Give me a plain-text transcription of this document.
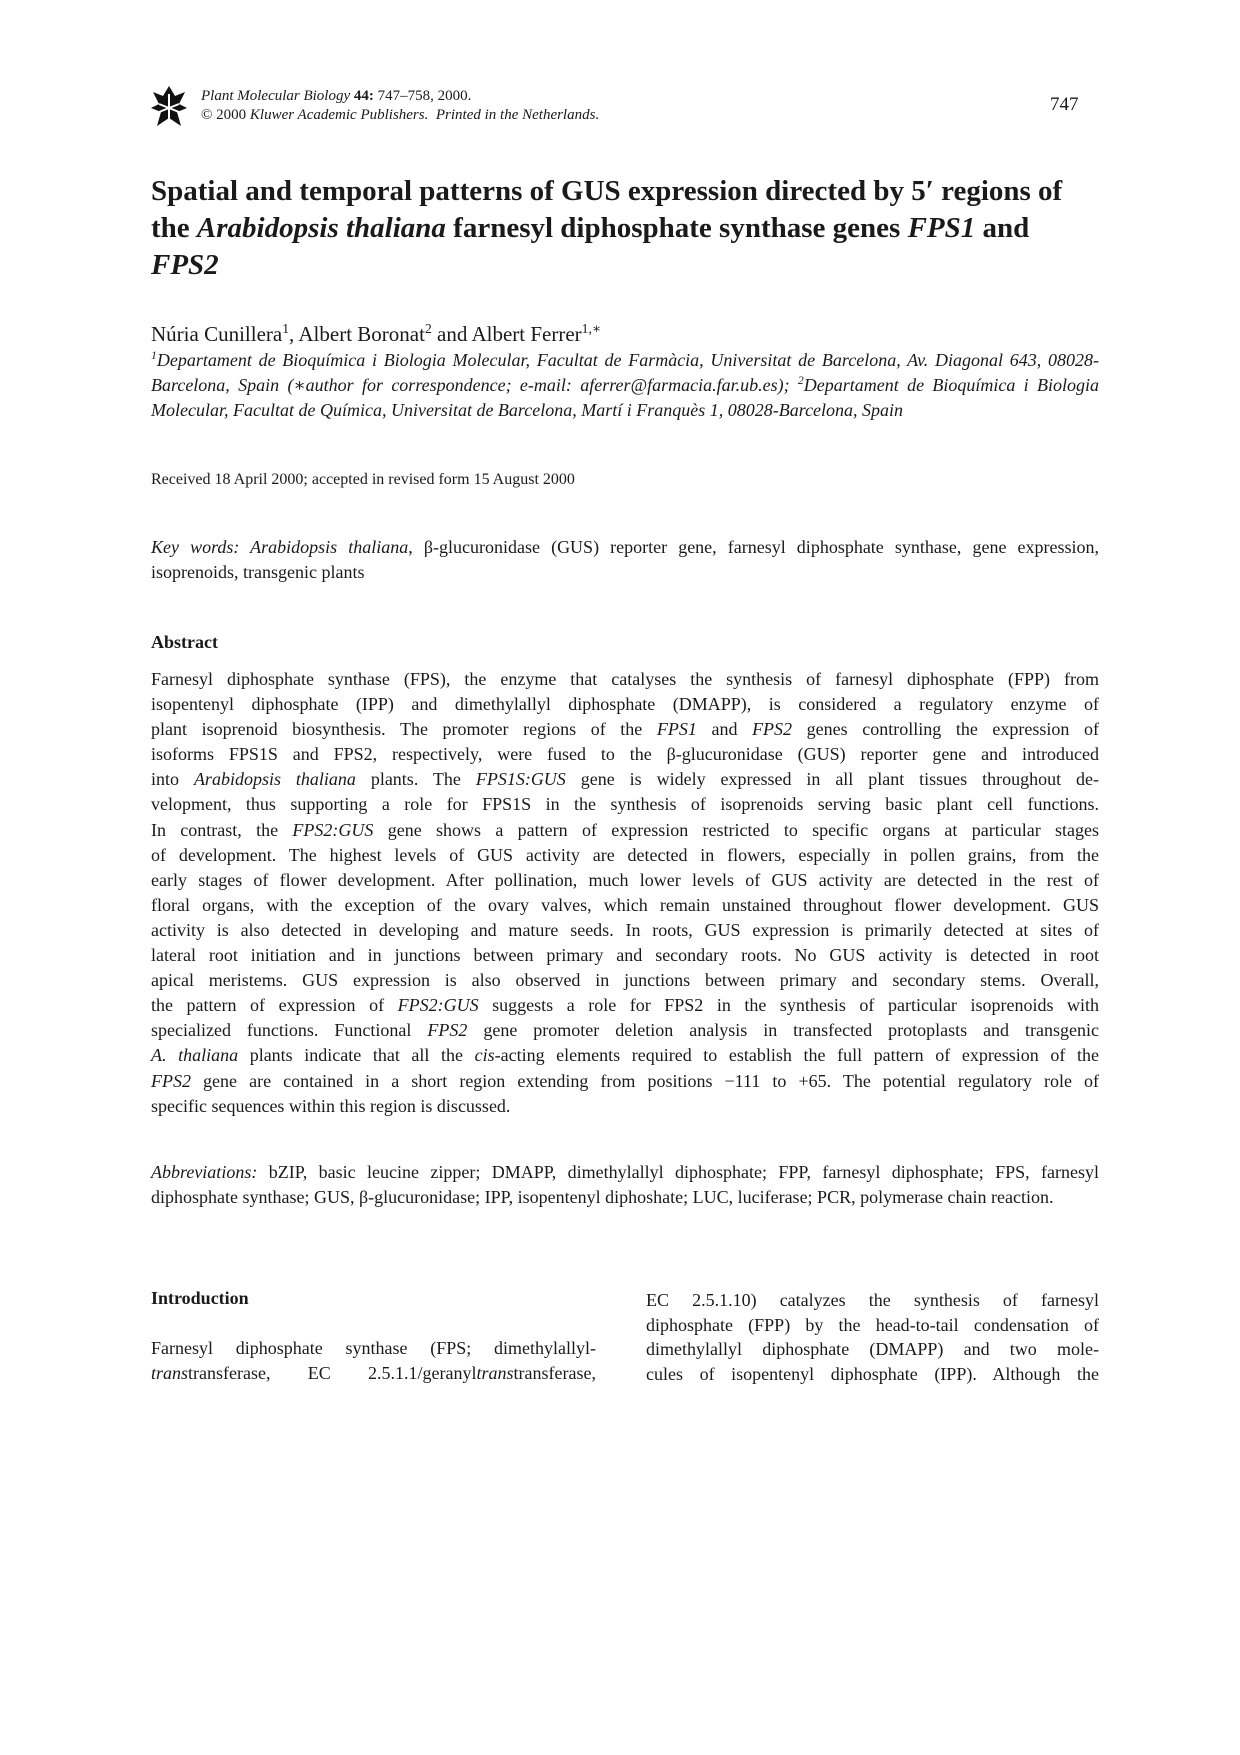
Plant Molecular Biology 44: 747–758, 2000.
© 2000 Kluwer Academic Publishers.  Printed in the Netherlands.	747
Spatial and temporal patterns of GUS expression directed by 5′ regions of the Arabidopsis thaliana farnesyl diphosphate synthase genes FPS1 and FPS2
Núria Cunillera$^1$, Albert Boronat$^2$ and Albert Ferrer$^{1,∗}$
$^1$Departament de Bioquímica i Biologia Molecular, Facultat de Farmàcia, Universitat de Barcelona, Av. Diagonal 643, 08028-Barcelona, Spain (∗author for correspondence; e-mail: aferrer@farmacia.far.ub.es); $^2$Departament de Bioquímica i Biologia Molecular, Facultat de Química, Universitat de Barcelona, Martí i Franquès 1, 08028-Barcelona, Spain
Received 18 April 2000; accepted in revised form 15 August 2000
Key words: Arabidopsis thaliana, β-glucuronidase (GUS) reporter gene, farnesyl diphosphate synthase, gene expression, isoprenoids, transgenic plants
Abstract
Farnesyl diphosphate synthase (FPS), the enzyme that catalyses the synthesis of farnesyl diphosphate (FPP) from
isopentenyl diphosphate (IPP) and dimethylallyl diphosphate (DMAPP), is considered a regulatory enzyme of
plant isoprenoid biosynthesis. The promoter regions of the FPS1 and FPS2 genes controlling the expression of
isoforms FPS1S and FPS2, respectively, were fused to the β-glucuronidase (GUS) reporter gene and introduced
into Arabidopsis thaliana plants. The FPS1S:GUS gene is widely expressed in all plant tissues throughout de-
velopment, thus supporting a role for FPS1S in the synthesis of isoprenoids serving basic plant cell functions.
In contrast, the FPS2:GUS gene shows a pattern of expression restricted to specific organs at particular stages
of development. The highest levels of GUS activity are detected in flowers, especially in pollen grains, from the
early stages of flower development. After pollination, much lower levels of GUS activity are detected in the rest of
floral organs, with the exception of the ovary valves, which remain unstained throughout flower development. GUS
activity is also detected in developing and mature seeds. In roots, GUS expression is primarily detected at sites of
lateral root initiation and in junctions between primary and secondary roots. No GUS activity is detected in root
apical meristems. GUS expression is also observed in junctions between primary and secondary stems. Overall,
the pattern of expression of FPS2:GUS suggests a role for FPS2 in the synthesis of particular isoprenoids with
specialized functions. Functional FPS2 gene promoter deletion analysis in transfected protoplasts and transgenic
A. thaliana plants indicate that all the cis-acting elements required to establish the full pattern of expression of the
FPS2 gene are contained in a short region extending from positions −111 to +65. The potential regulatory role of
specific sequences within this region is discussed.
Abbreviations: bZIP, basic leucine zipper; DMAPP, dimethylallyl diphosphate; FPP, farnesyl diphosphate; FPS, farnesyl diphosphate synthase; GUS, β-glucuronidase; IPP, isopentenyl diphoshate; LUC, luciferase; PCR, polymerase chain reaction.
Introduction
Farnesyl diphosphate synthase (FPS; dimethylallyl-
transtransferase, EC 2.5.1.1/geranyltranstransferase,
EC 2.5.1.10) catalyzes the synthesis of farnesyl
diphosphate (FPP) by the head-to-tail condensation of
dimethylallyl diphosphate (DMAPP) and two mole-
cules of isopentenyl diphosphate (IPP). Although the
